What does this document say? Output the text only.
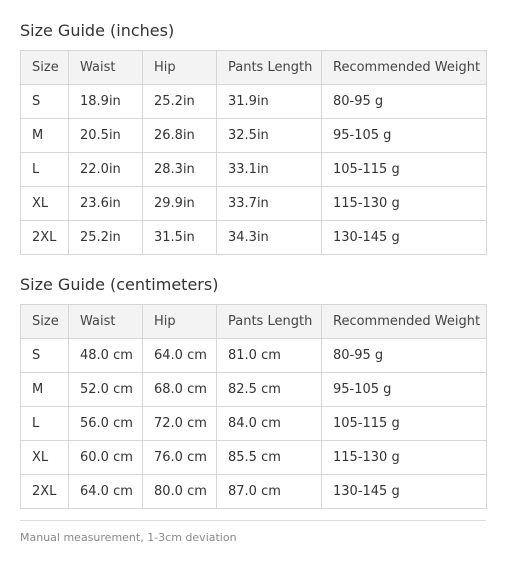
Size Guide (inches)
Size	Waist	Hip	Pants Length	Recommended Weight
S	18.9in	25.2in	31.9in	80-95 g
M	20.5in	26.8in	32.5in	95-105 g
L	22.0in	28.3in	33.1in	105-115 g
XL	23.6in	29.9in	33.7in	115-130 g
2XL	25.2in	31.5in	34.3in	130-145 g
Size Guide (centimeters)
Size	Waist	Hip	Pants Length	Recommended Weight
S	48.0 cm	64.0 cm	81.0 cm	80-95 g
M	52.0 cm	68.0 cm	82.5 cm	95-105 g
L	56.0 cm	72.0 cm	84.0 cm	105-115 g
XL	60.0 cm	76.0 cm	85.5 cm	115-130 g
2XL	64.0 cm	80.0 cm	87.0 cm	130-145 g
Manual measurement, 1-3cm deviation
